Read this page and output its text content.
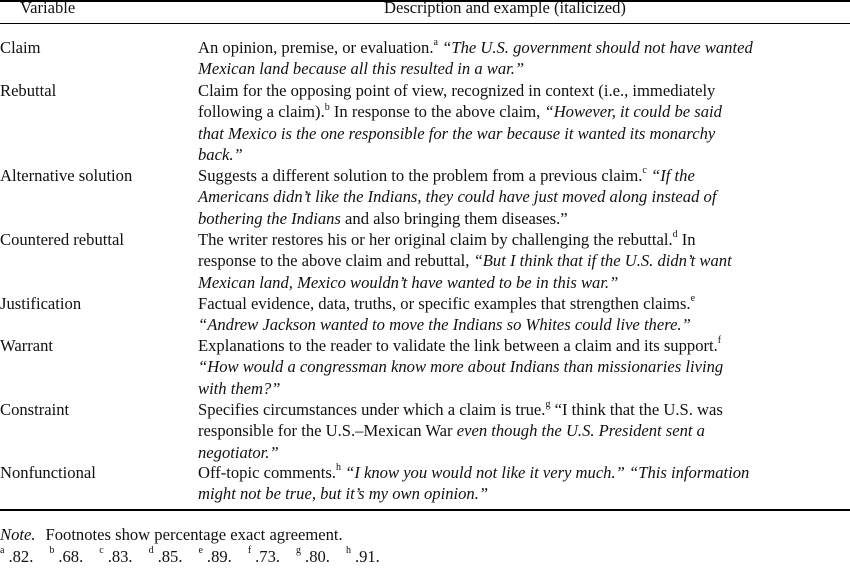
Variable	Description and example (italicized)
Claim	An opinion, premise, or evaluation.$^a$ “The U.S. government should not have wanted
Mexican land because all this resulted in a war.”
Rebuttal	Claim for the opposing point of view, recognized in context (i.e., immediately
following a claim).$^b$ In response to the above claim, “However, it could be said
that Mexico is the one responsible for the war because it wanted its monarchy
back.”
Alternative solution	Suggests a different solution to the problem from a previous claim.$^c$ “If the
Americans didn’t like the Indians, they could have just moved along instead of
bothering the Indians and also bringing them diseases.”
Countered rebuttal	The writer restores his or her original claim by challenging the rebuttal.$^d$ In
response to the above claim and rebuttal, “But I think that if the U.S. didn’t want
Mexican land, Mexico wouldn’t have wanted to be in this war.”
Justification	Factual evidence, data, truths, or specific examples that strengthen claims.$^e$
“Andrew Jackson wanted to move the Indians so Whites could live there.”
Warrant	Explanations to the reader to validate the link between a claim and its support.$^f$
“How would a congressman know more about Indians than missionaries living
with them?”
Constraint	Specifies circumstances under which a claim is true.$^g$ “I think that the U.S. was
responsible for the U.S.–Mexican War even though the U.S. President sent a
negotiator.”
Nonfunctional	Off-topic comments.$^h$ “I know you would not like it very much.” “This information
might not be true, but it’s my own opinion.”
Note. Footnotes show percentage exact agreement.
$^a$ .82. $^b$ .68. $^c$ .83. $^d$ .85. $^e$ .89. $^f$ .73. $^g$ .80. $^h$ .91.
